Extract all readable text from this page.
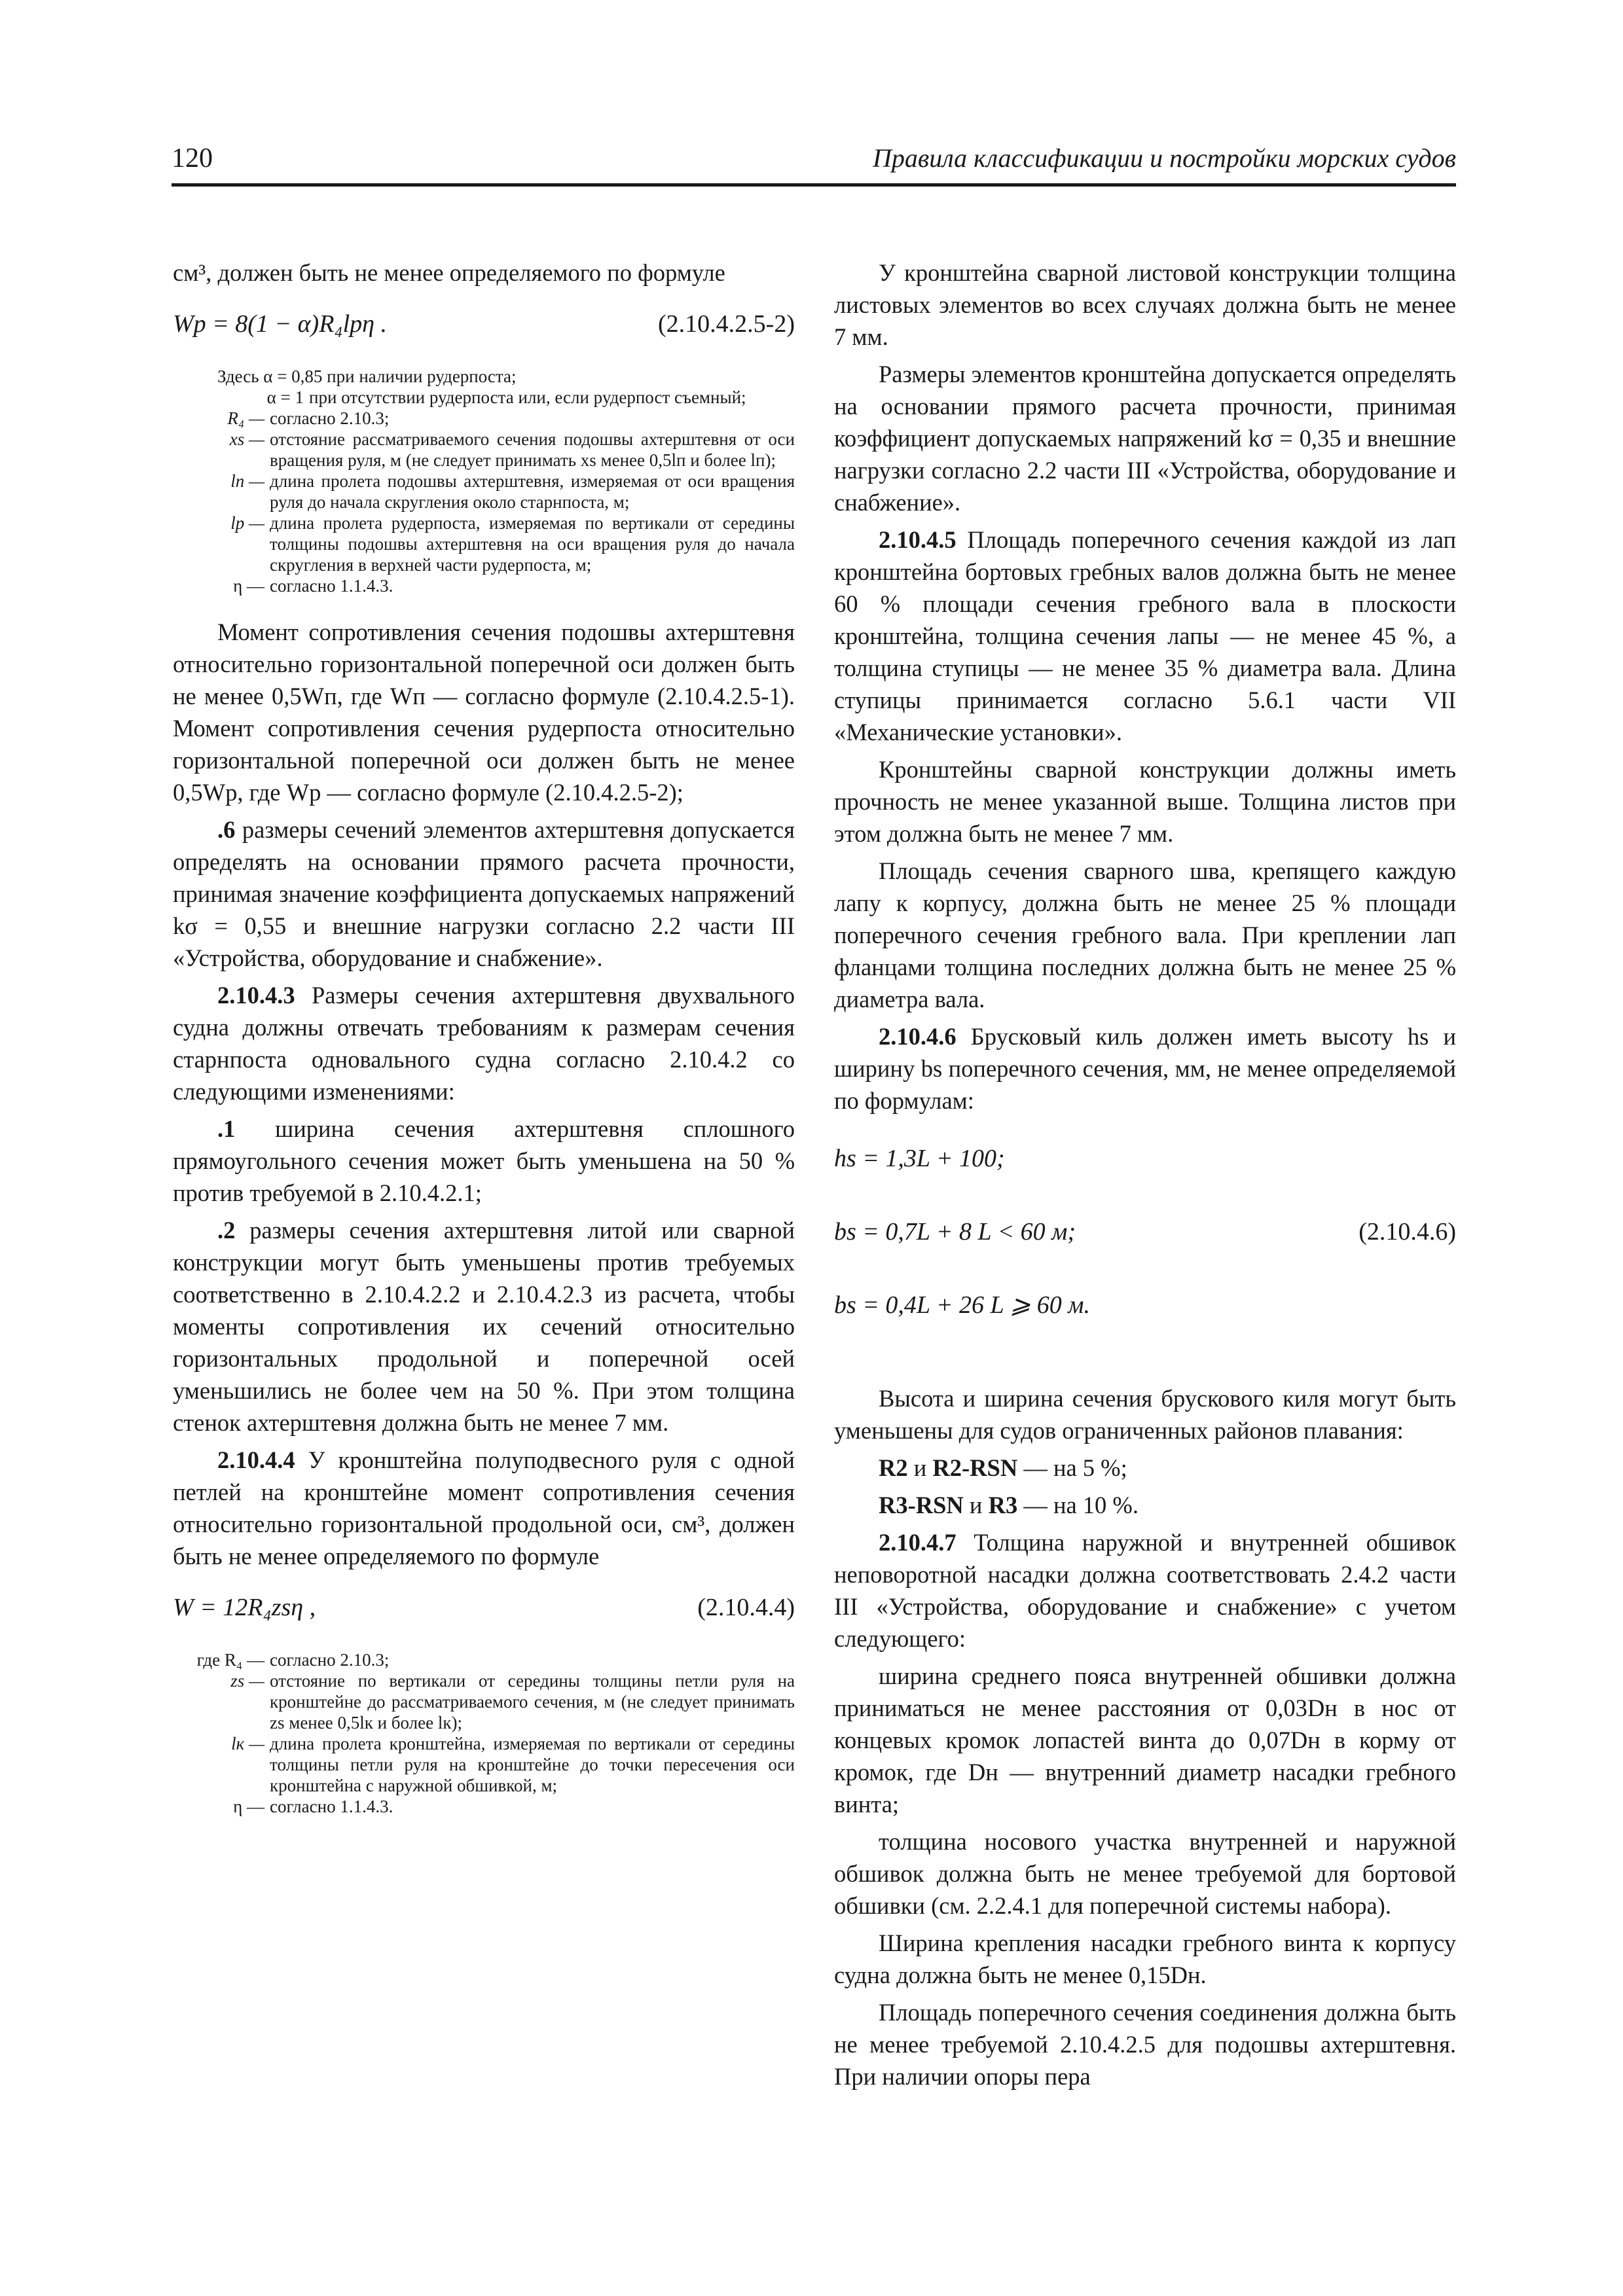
120	Правила классификации и постройки морских судов

см³, должен быть не менее определяемого по формуле

Wр = 8(1 − α)R₄lрη .	(2.10.4.2.5-2)

Здесь α = 0,85 при наличии рудерпоста;

α = 1 при отсутствии рудерпоста или, если рудерпост съемный;
R₄ — согласно 2.10.3;
xs — отстояние рассматриваемого сечения подошвы ахтерштевня от оси вращения руля, м (не следует принимать xs менее 0,5lп и более lп);
lп — длина пролета подошвы ахтерштевня, измеряемая от оси вращения руля до начала скругления около старнпоста, м;
lр — длина пролета рудерпоста, измеряемая по вертикали от середины толщины подошвы ахтерштевня на оси вращения руля до начала скругления в верхней части рудерпоста, м;
η — согласно 1.1.4.3.

Момент сопротивления сечения подошвы ахтерштевня относительно горизонтальной поперечной оси должен быть не менее 0,5Wп, где Wп — согласно формуле (2.10.4.2.5-1). Момент сопротивления сечения рудерпоста относительно горизонтальной поперечной оси должен быть не менее 0,5Wр, где Wр — согласно формуле (2.10.4.2.5-2);

.6 размеры сечений элементов ахтерштевня допускается определять на основании прямого расчета прочности, принимая значение коэффициента допускаемых напряжений kσ = 0,55 и внешние нагрузки согласно 2.2 части III «Устройства, оборудование и снабжение».

2.10.4.3 Размеры сечения ахтерштевня двухвального судна должны отвечать требованиям к размерам сечения старнпоста одновального судна согласно 2.10.4.2 со следующими изменениями:

.1 ширина сечения ахтерштевня сплошного прямоугольного сечения может быть уменьшена на 50 % против требуемой в 2.10.4.2.1;

.2 размеры сечения ахтерштевня литой или сварной конструкции могут быть уменьшены против требуемых соответственно в 2.10.4.2.2 и 2.10.4.2.3 из расчета, чтобы моменты сопротивления их сечений относительно горизонтальных продольной и поперечной осей уменьшились не более чем на 50 %. При этом толщина стенок ахтерштевня должна быть не менее 7 мм.

2.10.4.4 У кронштейна полуподвесного руля с одной петлей на кронштейне момент сопротивления сечения относительно горизонтальной продольной оси, см³, должен быть не менее определяемого по формуле

W = 12R₄zsη ,	(2.10.4.4)
где R₄ — согласно 2.10.3;
zs — отстояние по вертикали от середины толщины петли руля на кронштейне до рассматриваемого сечения, м (не следует принимать zs менее 0,5lк и более lк);
lк — длина пролета кронштейна, измеряемая по вертикали от середины толщины петли руля на кронштейне до точки пересечения оси кронштейна с наружной обшивкой, м;
η — согласно 1.1.4.3.

У кронштейна сварной листовой конструкции толщина листовых элементов во всех случаях должна быть не менее 7 мм.

Размеры элементов кронштейна допускается определять на основании прямого расчета прочности, принимая коэффициент допускаемых напряжений kσ = 0,35 и внешние нагрузки согласно 2.2 части III «Устройства, оборудование и снабжение».

2.10.4.5 Площадь поперечного сечения каждой из лап кронштейна бортовых гребных валов должна быть не менее 60 % площади сечения гребного вала в плоскости кронштейна, толщина сечения лапы — не менее 45 %, а толщина ступицы — не менее 35 % диаметра вала. Длина ступицы принимается согласно 5.6.1 части VII «Механические установки».

Кронштейны сварной конструкции должны иметь прочность не менее указанной выше. Толщина листов при этом должна быть не менее 7 мм.

Площадь сечения сварного шва, крепящего каждую лапу к корпусу, должна быть не менее 25 % площади поперечного сечения гребного вала. При креплении лап фланцами толщина последних должна быть не менее 25 % диаметра вала.

2.10.4.6 Брусковый киль должен иметь высоту hs и ширину bs поперечного сечения, мм, не менее определяемой по формулам:

hs = 1,3L + 100;
bs = 0,7L + 8 L < 60 м;	(2.10.4.6)
bs = 0,4L + 26 L ⩾ 60 м.

Высота и ширина сечения брускового киля могут быть уменьшены для судов ограниченных районов плавания:

R2 и R2-RSN — на 5 %;

R3-RSN и R3 — на 10 %.

2.10.4.7 Толщина наружной и внутренней обшивок неповоротной насадки должна соответствовать 2.4.2 части III «Устройства, оборудование и снабжение» с учетом следующего:

ширина среднего пояса внутренней обшивки должна приниматься не менее расстояния от 0,03Dн в нос от концевых кромок лопастей винта до 0,07Dн в корму от кромок, где Dн — внутренний диаметр насадки гребного винта;

толщина носового участка внутренней и наружной обшивок должна быть не менее требуемой для бортовой обшивки (см. 2.2.4.1 для поперечной системы набора).

Ширина крепления насадки гребного винта к корпусу судна должна быть не менее 0,15Dн.

Площадь поперечного сечения соединения должна быть не менее требуемой 2.10.4.2.5 для подошвы ахтерштевня. При наличии опоры пера
